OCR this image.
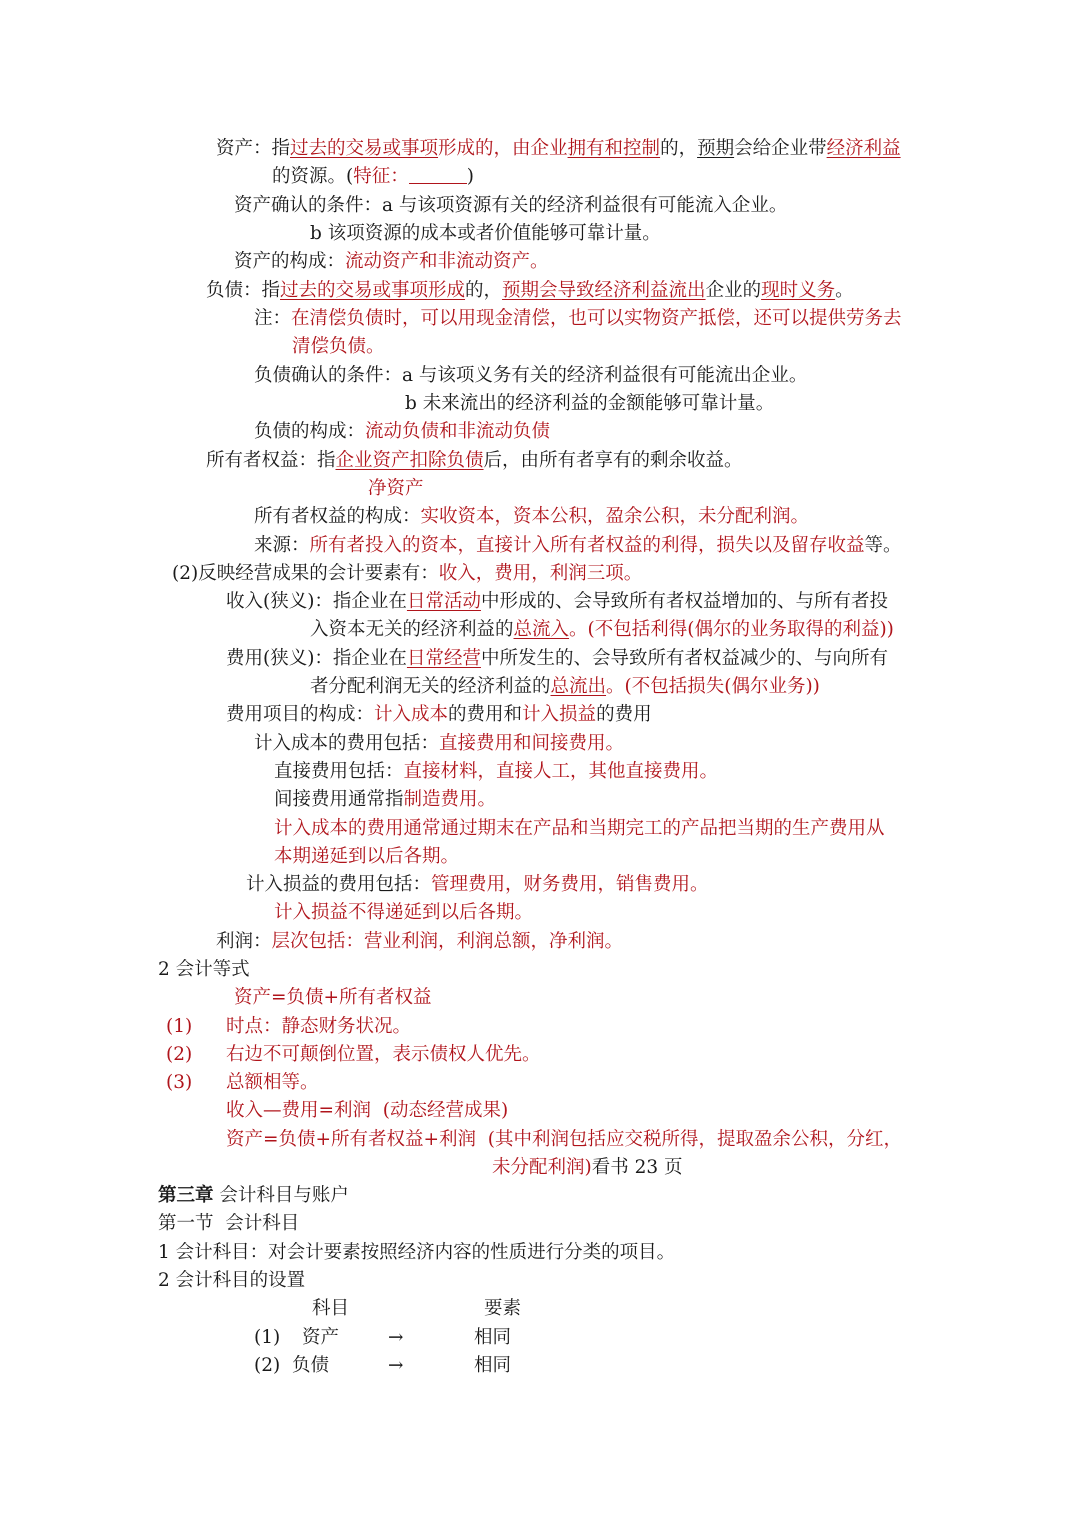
资产：指过去的交易或事项形成的，由企业拥有和控制的，预期会给企业带经济利益
的资源。(特征：	)
资产确认的条件：a 与该项资源有关的经济利益很有可能流入企业。
b 该项资源的成本或者价值能够可靠计量。
资产的构成：流动资产和非流动资产。
负债：指过去的交易或事项形成的，预期会导致经济利益流出企业的现时义务。
注：在清偿负债时，可以用现金清偿，也可以实物资产抵偿，还可以提供劳务去
清偿负债。
负债确认的条件：a 与该项义务有关的经济利益很有可能流出企业。
b 未来流出的经济利益的金额能够可靠计量。
负债的构成：流动负债和非流动负债
所有者权益：指企业资产扣除负债后，由所有者享有的剩余收益。
净资产
所有者权益的构成：实收资本，资本公积，盈余公积，未分配利润。
来源：所有者投入的资本，直接计入所有者权益的利得，损失以及留存收益等。
(2)反映经营成果的会计要素有：收入，费用，利润三项。
收入(狭义)：指企业在日常活动中形成的、会导致所有者权益增加的、与所有者投
入资本无关的经济利益的总流入。(不包括利得(偶尔的业务取得的利益))
费用(狭义)：指企业在日常经营中所发生的、会导致所有者权益减少的、与向所有
者分配利润无关的经济利益的总流出。(不包括损失(偶尔业务))
费用项目的构成：计入成本的费用和计入损益的费用
计入成本的费用包括：直接费用和间接费用。
直接费用包括：直接材料，直接人工，其他直接费用。
间接费用通常指制造费用。
计入成本的费用通常通过期末在产品和当期完工的产品把当期的生产费用从
本期递延到以后各期。
计入损益的费用包括：管理费用，财务费用，销售费用。
计入损益不得递延到以后各期。
利润：层次包括：营业利润，利润总额，净利润。
2 会计等式
资产=负债+所有者权益
(1) 时点：静态财务状况。
(2) 右边不可颠倒位置，表示债权人优先。
(3) 总额相等。
收入—费用=利润  (动态经营成果)
资产=负债+所有者权益+利润  (其中利润包括应交税所得，提取盈余公积，分红，
未分配利润)看书 23 页
第三章 会计科目与账户
第一节  会计科目
1 会计科目：对会计要素按照经济内容的性质进行分类的项目。
2 会计科目的设置
科目	要素
(1) 资产	→	相同
(2) 负债	→	相同
